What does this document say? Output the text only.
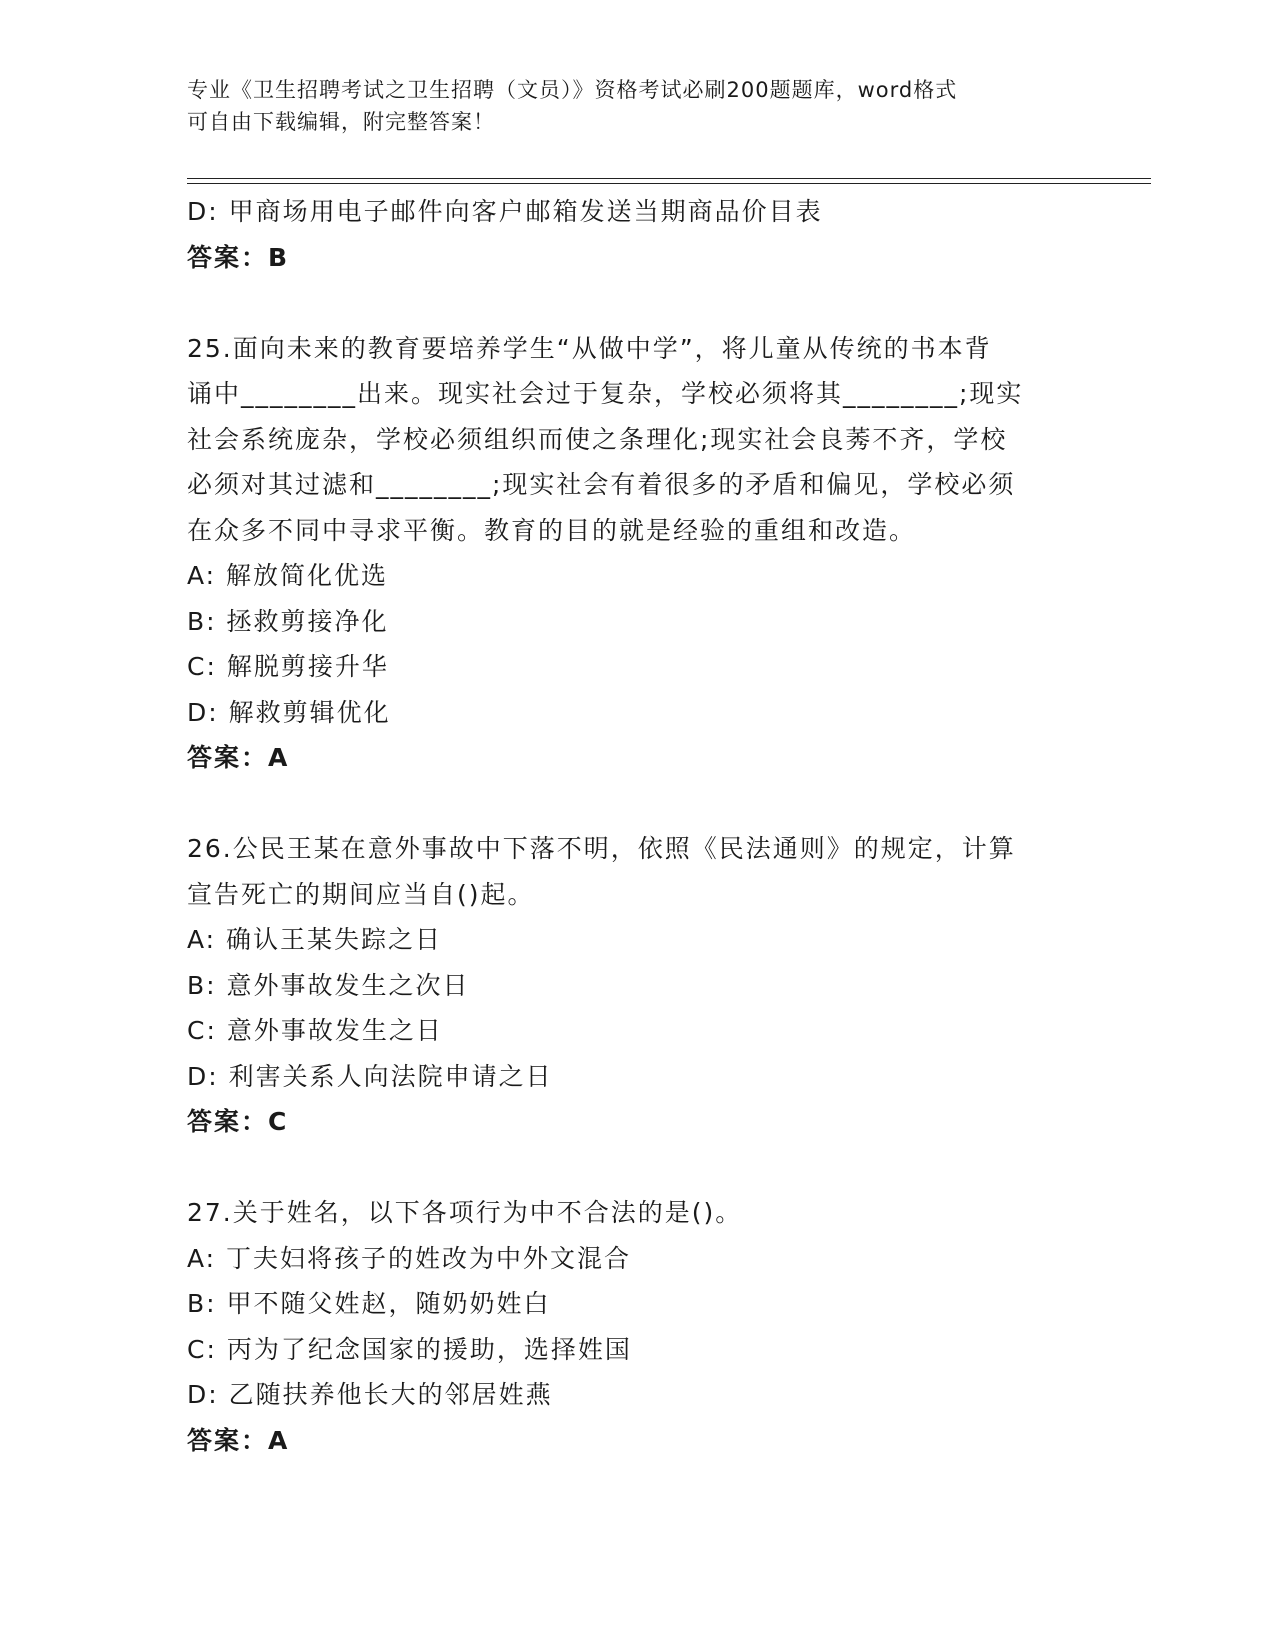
专业《卫生招聘考试之卫生招聘（文员）》资格考试必刷200题题库，word格式
可自由下载编辑，附完整答案！
D: 甲商场用电子邮件向客户邮箱发送当期商品价目表
答案：B
25.面向未来的教育要培养学生“从做中学”，将儿童从传统的书本背
诵中________出来。现实社会过于复杂，学校必须将其________;现实
社会系统庞杂，学校必须组织而使之条理化;现实社会良莠不齐，学校
必须对其过滤和________;现实社会有着很多的矛盾和偏见，学校必须
在众多不同中寻求平衡。教育的目的就是经验的重组和改造。
A: 解放简化优选
B: 拯救剪接净化
C: 解脱剪接升华
D: 解救剪辑优化
答案：A
26.公民王某在意外事故中下落不明，依照《民法通则》的规定，计算
宣告死亡的期间应当自()起。
A: 确认王某失踪之日
B: 意外事故发生之次日
C: 意外事故发生之日
D: 利害关系人向法院申请之日
答案：C
27.关于姓名，以下各项行为中不合法的是()。
A: 丁夫妇将孩子的姓改为中外文混合
B: 甲不随父姓赵，随奶奶姓白
C: 丙为了纪念国家的援助，选择姓国
D: 乙随扶养他长大的邻居姓燕
答案：A
